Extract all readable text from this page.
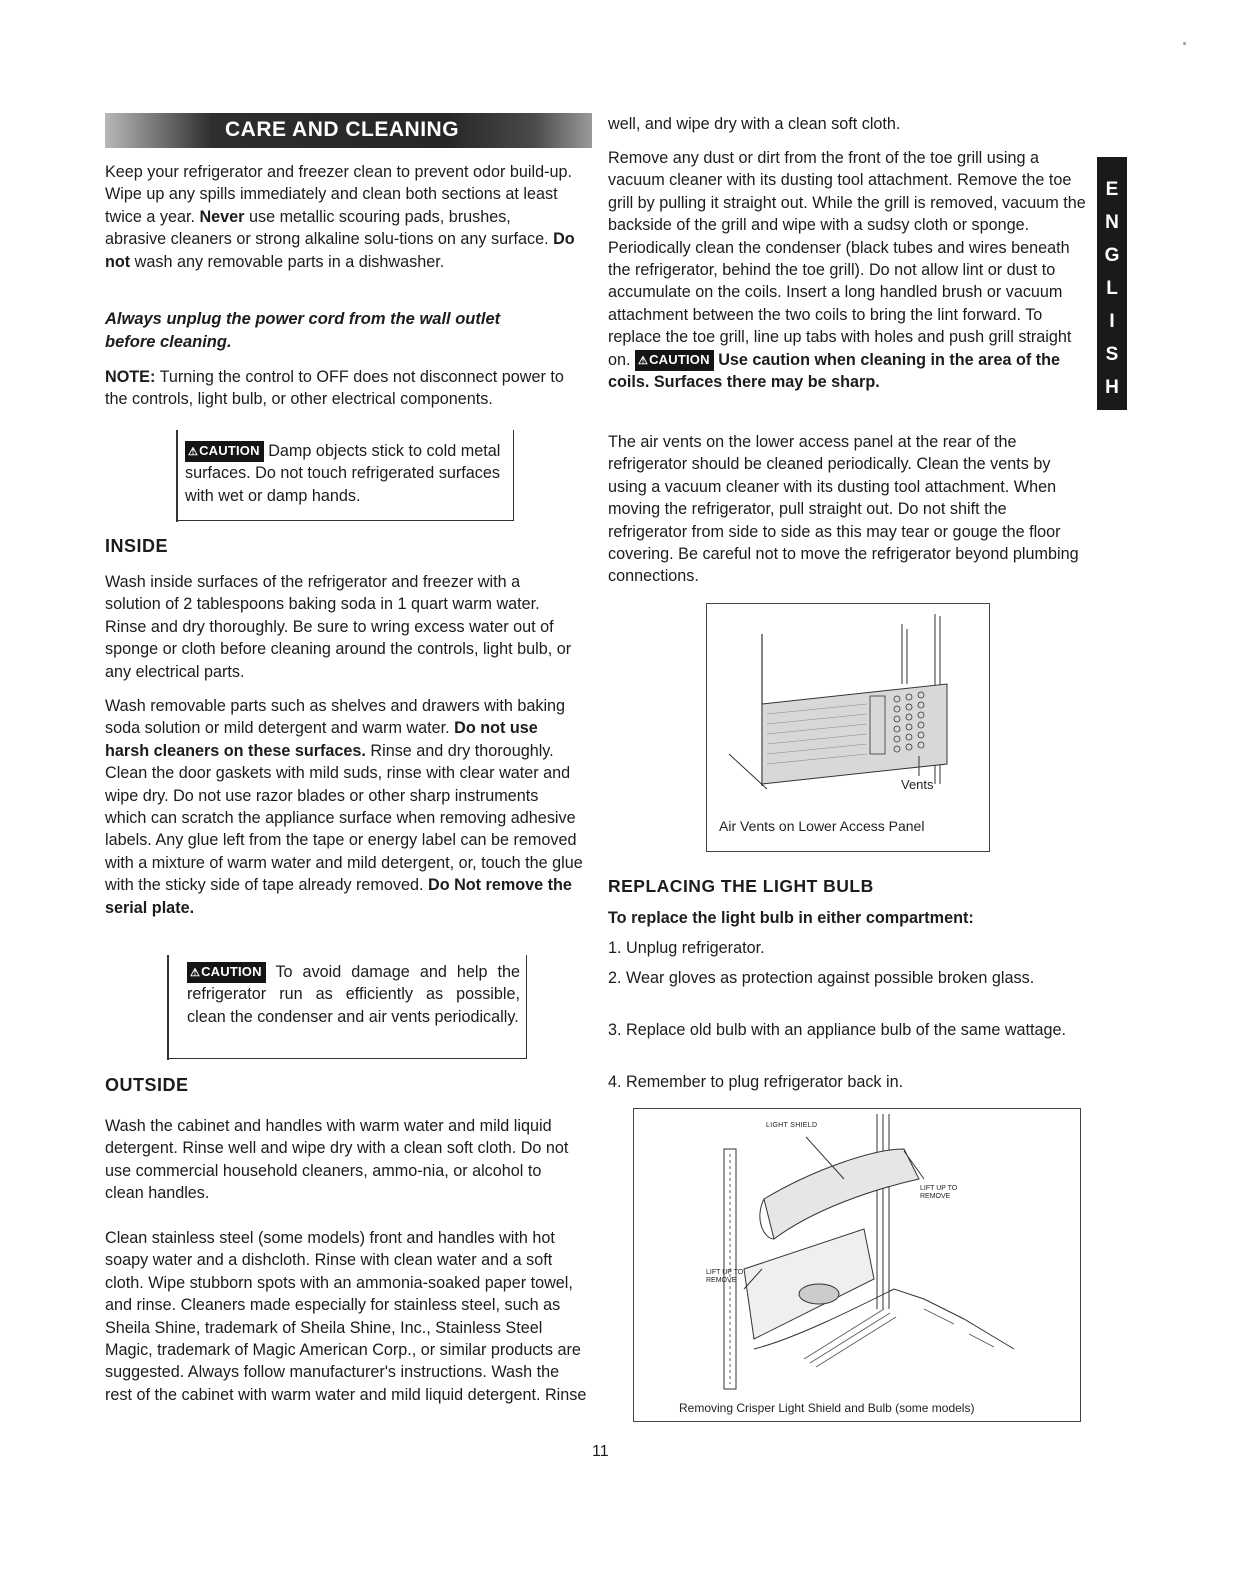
CARE AND CLEANING

Keep your refrigerator and freezer clean to prevent odor build-up. Wipe up any spills immediately and clean both sections at least twice a year. Never use metallic scouring pads, brushes, abrasive cleaners or strong alkaline solu-tions on any surface. Do not wash any removable parts in a dishwasher.

Always unplug the power cord from the wall outlet before cleaning.

NOTE: Turning the control to OFF does not disconnect power to the controls, light bulb, or other electrical components.

⚠CAUTION Damp objects stick to cold metal surfaces. Do not touch refrigerated surfaces with wet or damp hands.

INSIDE

Wash inside surfaces of the refrigerator and freezer with a solution of 2 tablespoons baking soda in 1 quart warm water. Rinse and dry thoroughly. Be sure to wring excess water out of sponge or cloth before cleaning around the controls, light bulb, or any electrical parts.

Wash removable parts such as shelves and drawers with baking soda solution or mild detergent and warm water. Do not use harsh cleaners on these surfaces. Rinse and dry thoroughly. Clean the door gaskets with mild suds, rinse with clear water and wipe dry. Do not use razor blades or other sharp instruments which can scratch the appliance surface when removing adhesive labels. Any glue left from the tape or energy label can be removed with a mixture of warm water and mild detergent, or, touch the glue with the sticky side of tape already removed. Do Not remove the serial plate.

⚠CAUTION To avoid damage and help the refrigerator run as efficiently as possible, clean the condenser and air vents periodically.

OUTSIDE

Wash the cabinet and handles with warm water and mild liquid detergent. Rinse well and wipe dry with a clean soft cloth. Do not use commercial household cleaners, ammo-nia, or alcohol to clean handles.

Clean stainless steel (some models) front and handles with hot soapy water and a dishcloth. Rinse with clean water and a soft cloth. Wipe stubborn spots with an ammonia-soaked paper towel, and rinse. Cleaners made especially for stainless steel, such as Sheila Shine, trademark of Sheila Shine, Inc., Stainless Steel Magic, trademark of Magic American Corp., or similar products are suggested. Always follow manufacturer's instructions. Wash the rest of the cabinet with warm water and mild liquid detergent. Rinse

well, and wipe dry with a clean soft cloth.

Remove any dust or dirt from the front of the toe grill using a vacuum cleaner with its dusting tool attachment. Remove the toe grill by pulling it straight out. While the grill is removed, vacuum the backside of the grill and wipe with a sudsy cloth or sponge. Periodically clean the condenser (black tubes and wires beneath the refrigerator, behind the toe grill). Do not allow lint or dust to accumulate on the coils. Insert a long handled brush or vacuum attachment between the two coils to bring the lint forward. To replace the toe grill, line up tabs with holes and push grill straight on. ⚠CAUTION Use caution when cleaning in the area of the coils. Surfaces there may be sharp.

The air vents on the lower access panel at the rear of the refrigerator should be cleaned periodically. Clean the vents by using a vacuum cleaner with its dusting tool attachment. When moving the refrigerator, pull straight out. Do not shift the refrigerator from side to side as this may tear or gouge the floor covering. Be careful not to move the refrigerator beyond plumbing connections.

Vents
Air Vents on Lower Access Panel

REPLACING THE LIGHT BULB

To replace the light bulb in either compartment:

1. Unplug refrigerator.

2. Wear gloves as protection against possible broken glass.

3. Replace old bulb with an appliance bulb of the same wattage.

4. Remember to plug refrigerator back in.

LIGHT SHIELD
LIFT UP TO REMOVE
LIFT UP TO REMOVE
Removing Crisper Light Shield and Bulb (some models)
E
N
G
L
I
S
H
11
